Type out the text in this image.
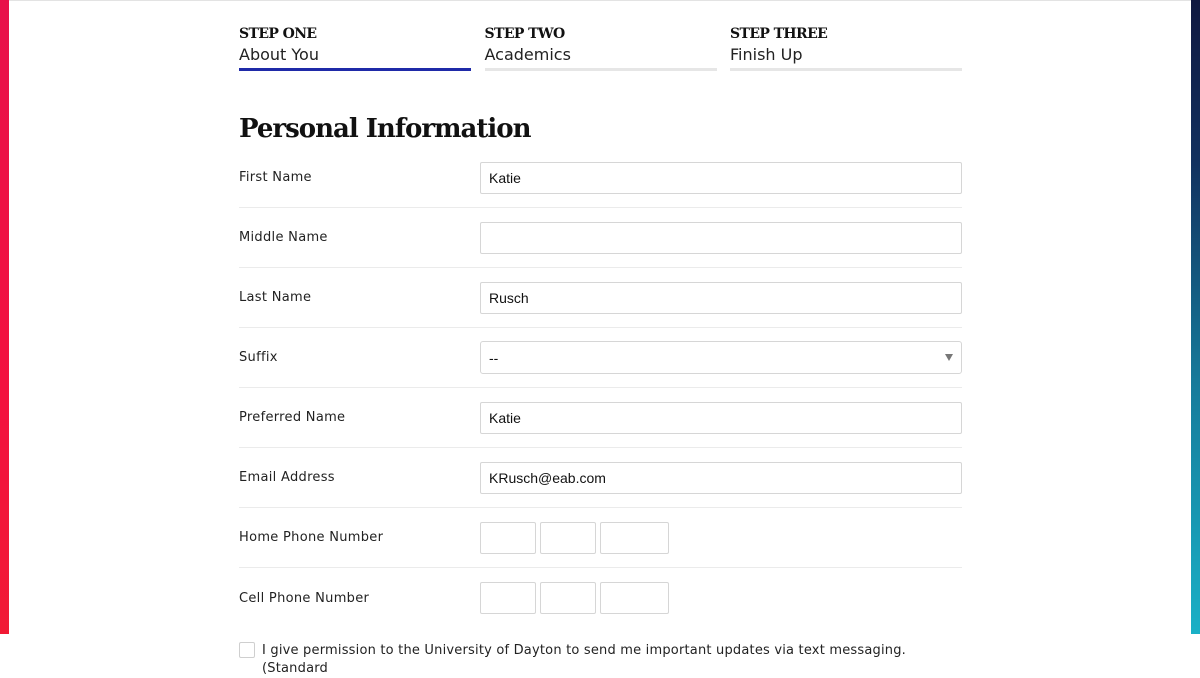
STEP ONE
About You
STEP TWO
Academics
STEP THREE
Finish Up
Personal Information
First Name
Katie
Middle Name
Last Name
Rusch
Suffix	--
Preferred Name
Katie
Email Address
KRusch@eab.com
Home Phone Number
Cell Phone Number
I give permission to the University of Dayton to send me important updates via text messaging. (Standard
